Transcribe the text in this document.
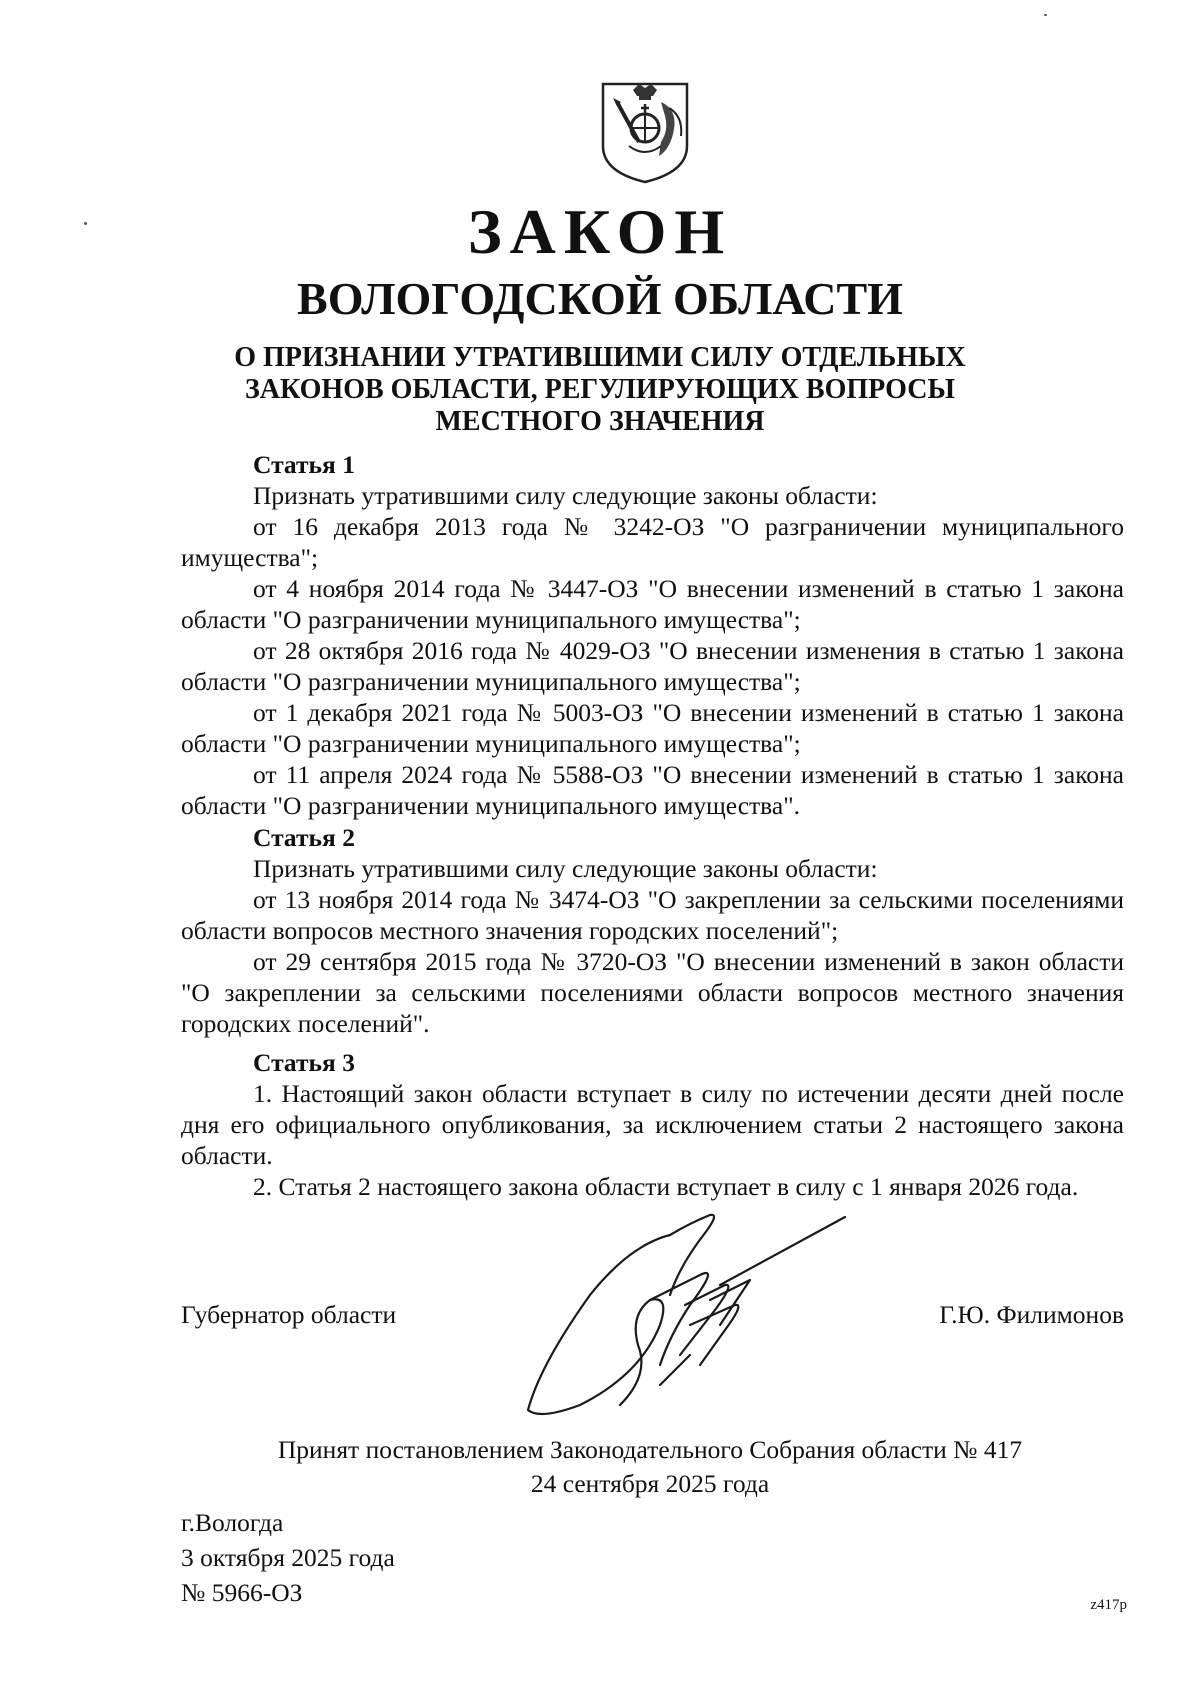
ЗАКОН
ВОЛОГОДСКОЙ ОБЛАСТИ
О ПРИЗНАНИИ УТРАТИВШИМИ СИЛУ ОТДЕЛЬНЫХ
ЗАКОНОВ ОБЛАСТИ, РЕГУЛИРУЮЩИХ ВОПРОСЫ
МЕСТНОГО ЗНАЧЕНИЯ

Статья 1

Признать утратившими силу следующие законы области:

от 16 декабря 2013 года № 3242-ОЗ "О разграничении муниципального имущества";

от 4 ноября 2014 года № 3447-ОЗ "О внесении изменений в статью 1 закона области "О разграничении муниципального имущества";

от 28 октября 2016 года № 4029-ОЗ "О внесении изменения в статью 1 закона области "О разграничении муниципального имущества";

от 1 декабря 2021 года № 5003-ОЗ "О внесении изменений в статью 1 закона области "О разграничении муниципального имущества";

от 11 апреля 2024 года № 5588-ОЗ "О внесении изменений в статью 1 закона области "О разграничении муниципального имущества".

Статья 2

Признать утратившими силу следующие законы области:

от 13 ноября 2014 года № 3474-ОЗ "О закреплении за сельскими поселениями области вопросов местного значения городских поселений";

от 29 сентября 2015 года № 3720-ОЗ "О внесении изменений в закон области "О закреплении за сельскими поселениями области вопросов местного значения городских поселений".

Статья 3

1. Настоящий закон области вступает в силу по истечении десяти дней после дня его официального опубликования, за исключением статьи 2 настоящего закона области.

2. Статья 2 настоящего закона области вступает в силу с 1 января 2026 года.

Губернатор области	Г.Ю. Филимонов
Принят постановлением Законодательного Собрания области № 417
24 сентября 2025 года
г.Вологда
3 октября 2025 года
№ 5966-ОЗ	z417p
